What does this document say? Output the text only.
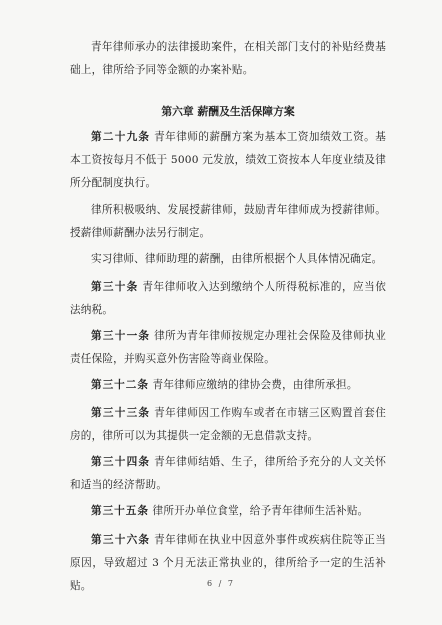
青年律师承办的法律援助案件，在相关部门支付的补贴经费基础上，律所给予同等金额的办案补贴。

第六章 薪酬及生活保障方案

第二十九条 青年律师的薪酬方案为基本工资加绩效工资。基本工资按每月不低于 5000 元发放，绩效工资按本人年度业绩及律所分配制度执行。

律所积极吸纳、发展授薪律师，鼓励青年律师成为授薪律师。授薪律师薪酬办法另行制定。

实习律师、律师助理的薪酬，由律所根据个人具体情况确定。

第三十条 青年律师收入达到缴纳个人所得税标准的，应当依法纳税。

第三十一条 律所为青年律师按规定办理社会保险及律师执业责任保险，并购买意外伤害险等商业保险。

第三十二条 青年律师应缴纳的律协会费，由律所承担。

第三十三条 青年律师因工作购车或者在市辖三区购置首套住房的，律所可以为其提供一定金额的无息借款支持。

第三十四条 青年律师结婚、生子，律所给予充分的人文关怀和适当的经济帮助。

第三十五条 律所开办单位食堂，给予青年律师生活补贴。

第三十六条 青年律师在执业中因意外事件或疾病住院等正当原因，导致超过 3 个月无法正常执业的，律所给予一定的生活补贴。	6 / 7
